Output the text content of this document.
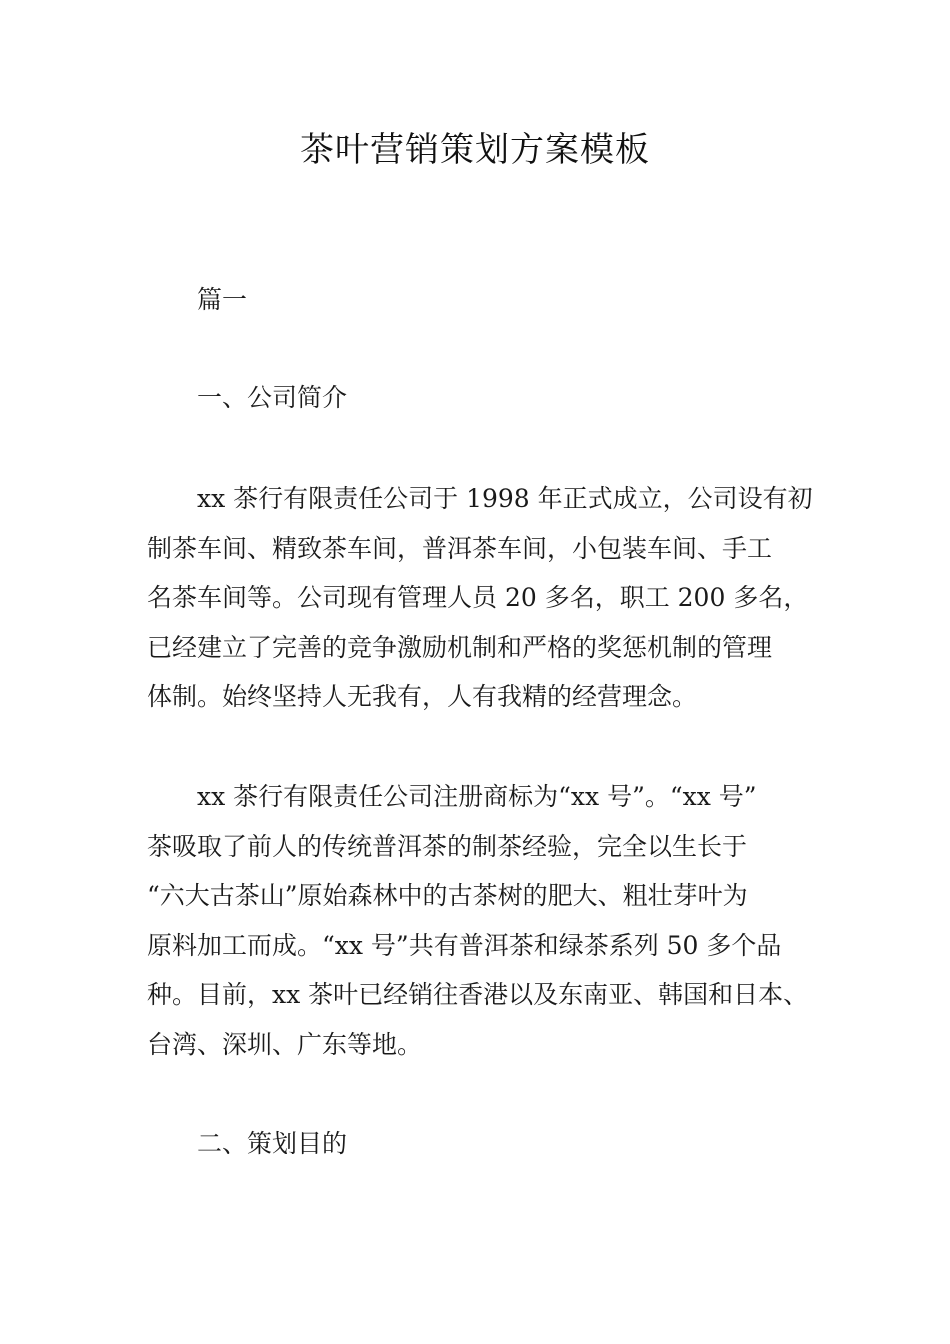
茶叶营销策划方案模板
篇一
一、公司简介
xx 茶行有限责任公司于 1998 年正式成立，公司设有初
制茶车间、精致茶车间，普洱茶车间，小包装车间、手工
名茶车间等。公司现有管理人员 20 多名，职工 200 多名，
已经建立了完善的竞争激励机制和严格的奖惩机制的管理
体制。始终坚持人无我有，人有我精的经营理念。
xx 茶行有限责任公司注册商标为“xx 号”。“xx 号”
茶吸取了前人的传统普洱茶的制茶经验，完全以生长于
“六大古茶山”原始森林中的古茶树的肥大、粗壮芽叶为
原料加工而成。“xx 号”共有普洱茶和绿茶系列 50 多个品
种。目前，xx 茶叶已经销往香港以及东南亚、韩国和日本、
台湾、深圳、广东等地。
二、策划目的
